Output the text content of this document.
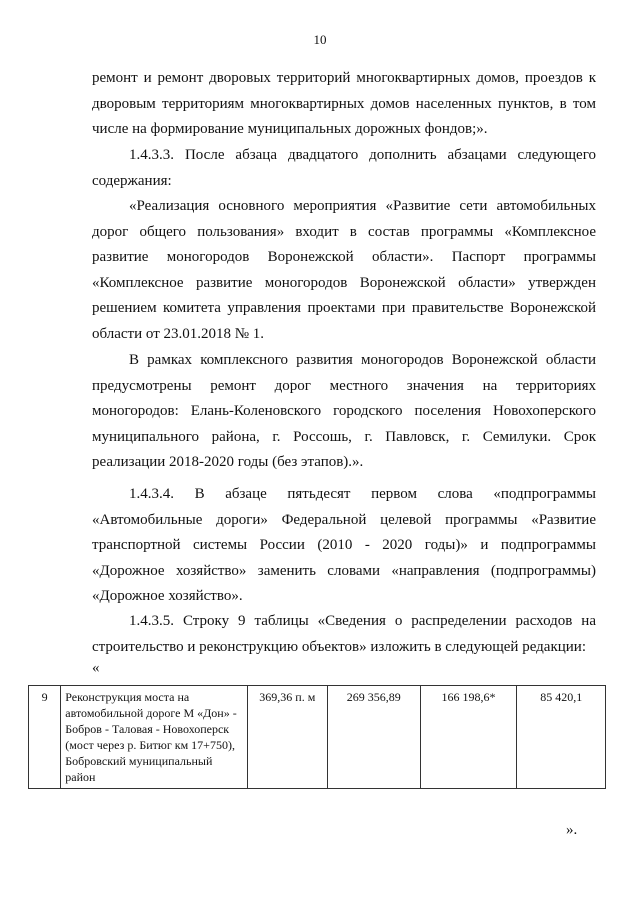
10

ремонт и ремонт дворовых территорий многоквартирных домов, проездов к дворовым территориям многоквартирных домов населенных пунктов, в том числе на формирование муниципальных дорожных фондов;».

1.4.3.3. После абзаца двадцатого дополнить абзацами следующего содержания:

«Реализация основного мероприятия «Развитие сети автомобильных дорог общего пользования» входит в состав программы «Комплексное развитие моногородов Воронежской области». Паспорт программы «Комплексное развитие моногородов Воронежской области» утвержден решением комитета управления проектами при правительстве Воронежской области от 23.01.2018 № 1.

В рамках комплексного развития моногородов Воронежской области предусмотрены ремонт дорог местного значения на территориях моногородов: Елань-Коленовского городского поселения Новохоперского муниципального района, г. Россошь, г. Павловск, г. Семилуки. Срок реализации 2018-2020 годы (без этапов).».

1.4.3.4. В абзаце пятьдесят первом слова «подпрограммы «Автомобильные дороги» Федеральной целевой программы «Развитие транспортной системы России (2010 - 2020 годы)» и подпрограммы «Дорожное хозяйство» заменить словами «направления (подпрограммы) «Дорожное хозяйство».

1.4.3.5. Строку 9 таблицы «Сведения о распределении расходов на строительство и реконструкцию объектов» изложить в следующей редакции:

«
9	Реконструкция моста на автомобильной дороге М «Дон» - Бобров - Таловая - Новохоперск (мост через р. Битюг км 17+750), Бобровский муниципальный район	369,36 п. м	269 356,89	166 198,6*	85 420,1
».
